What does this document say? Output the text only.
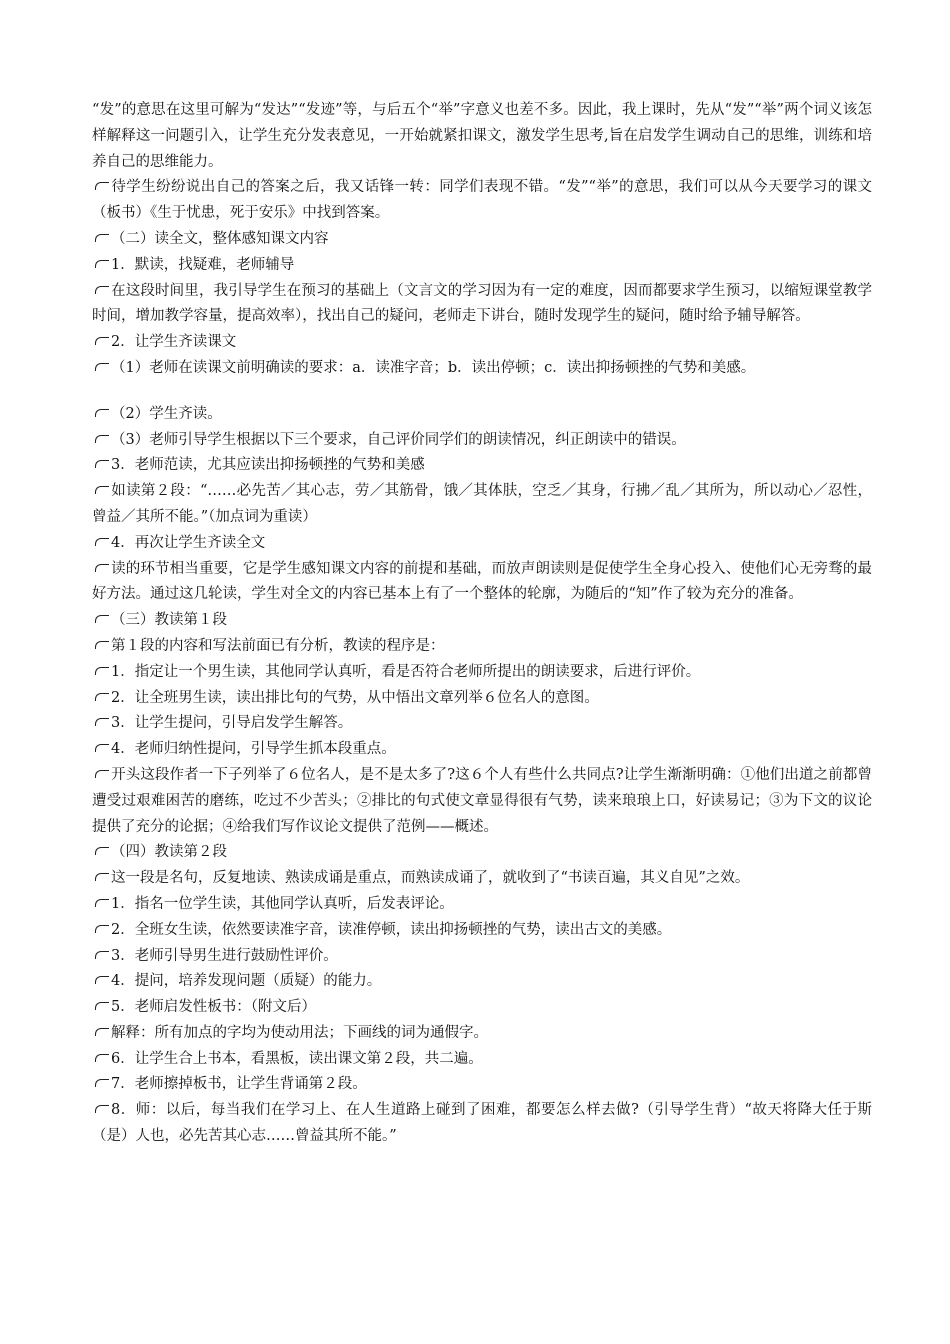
“发”的意思在这里可解为“发达”“发迹”等，与后五个“举”字意义也差不多。因此，我上课时，先从“发”“举”两个词义该怎样解释这一问题引入，让学生充分发表意见，一开始就紧扣课文，激发学生思考,旨在启发学生调动自己的思维，训练和培养自己的思维能力。

待学生纷纷说出自己的答案之后，我又话锋一转：同学们表现不错。“发”“举”的意思，我们可以从今天要学习的课文（板书）《生于忧患，死于安乐》中找到答案。

（二）读全文，整体感知课文内容

1．默读，找疑难，老师辅导

在这段时间里，我引导学生在预习的基础上（文言文的学习因为有一定的难度，因而都要求学生预习，以缩短课堂教学时间，增加教学容量，提高效率），找出自己的疑问，老师走下讲台，随时发现学生的疑问，随时给予辅导解答。

2．让学生齐读课文

（1）老师在读课文前明确读的要求：a．读准字音；b．读出停顿；c．读出抑扬顿挫的气势和美感。

（2）学生齐读。

（3）老师引导学生根据以下三个要求，自己评价同学们的朗读情况，纠正朗读中的错误。

3．老师范读，尤其应读出抑扬顿挫的气势和美感

如读第２段：“……必先苦／其心志，劳／其筋骨，饿／其体肤，空乏／其身，行拂／乱／其所为，所以动心／忍性，曾益／其所不能。”（加点词为重读）

4．再次让学生齐读全文

读的环节相当重要，它是学生感知课文内容的前提和基础，而放声朗读则是促使学生全身心投入、使他们心无旁骛的最好方法。通过这几轮读，学生对全文的内容已基本上有了一个整体的轮廓，为随后的“知”作了较为充分的准备。

（三）教读第１段

第１段的内容和写法前面已有分析，教读的程序是：

1．指定让一个男生读，其他同学认真听，看是否符合老师所提出的朗读要求，后进行评价。

2．让全班男生读，读出排比句的气势，从中悟出文章列举６位名人的意图。

3．让学生提问，引导启发学生解答。

4．老师归纳性提问，引导学生抓本段重点。

开头这段作者一下子列举了６位名人，是不是太多了?这６个人有些什么共同点?让学生渐渐明确：①他们出道之前都曾遭受过艰难困苦的磨练，吃过不少苦头；②排比的句式使文章显得很有气势，读来琅琅上口，好读易记；③为下文的议论提供了充分的论据；④给我们写作议论文提供了范例——概述。

（四）教读第２段

这一段是名句，反复地读、熟读成诵是重点，而熟读成诵了，就收到了“书读百遍，其义自见”之效。

1．指名一位学生读，其他同学认真听，后发表评论。

2．全班女生读，依然要读准字音，读准停顿，读出抑扬顿挫的气势，读出古文的美感。

3．老师引导男生进行鼓励性评价。

4．提问，培养发现问题（质疑）的能力。

5．老师启发性板书：（附文后）

解释：所有加点的字均为使动用法；下画线的词为通假字。

6．让学生合上书本，看黑板，读出课文第２段，共二遍。

7．老师擦掉板书，让学生背诵第２段。

8．师：以后，每当我们在学习上、在人生道路上碰到了困难，都要怎么样去做?（引导学生背）“故天将降大任于斯（是）人也，必先苦其心志……曾益其所不能。”
